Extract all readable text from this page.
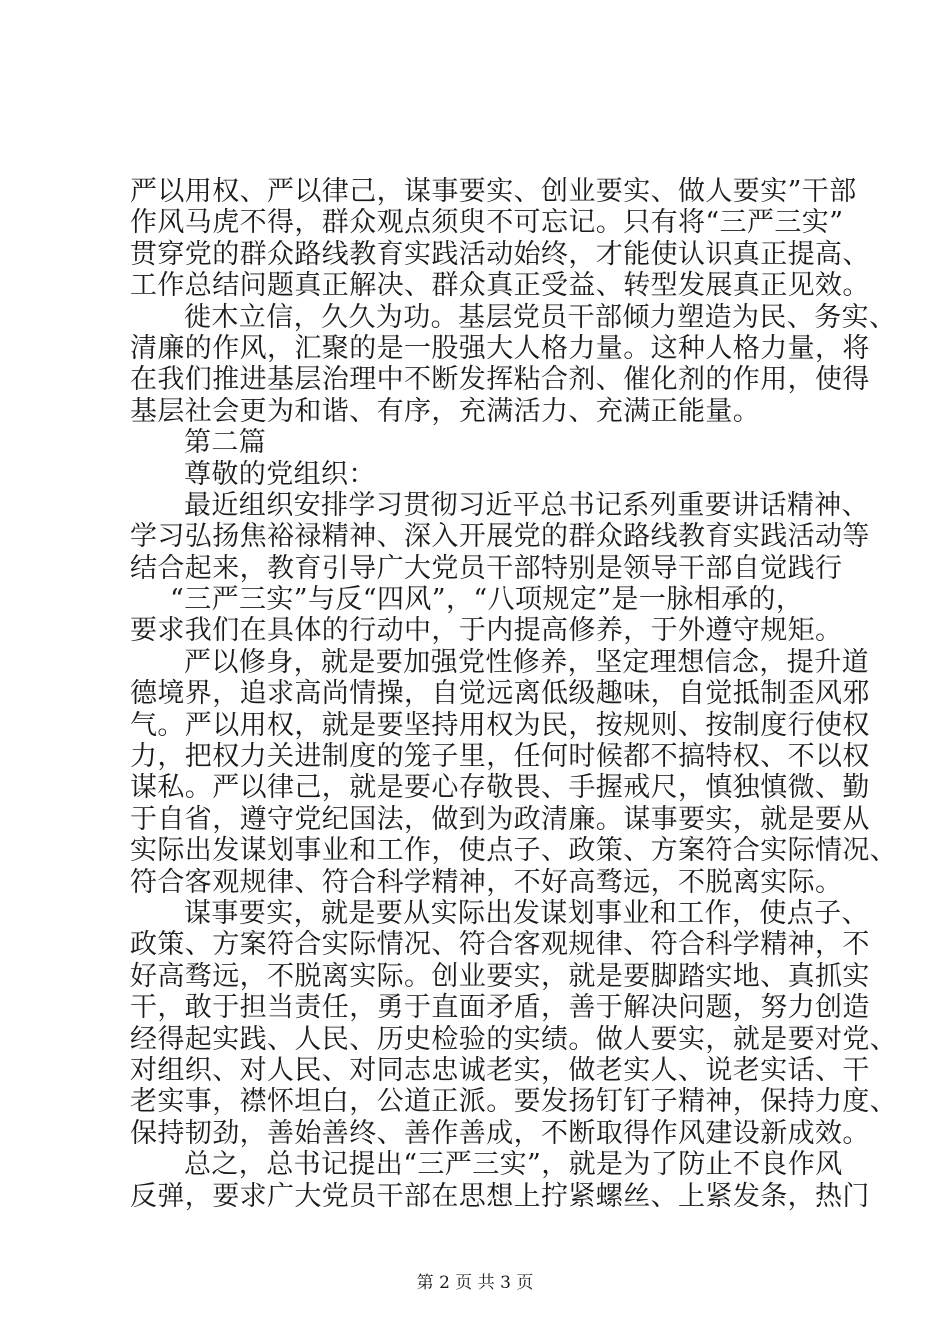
严以用权、严以律己，谋事要实、创业要实、做人要实”干部
作风马虎不得，群众观点须臾不可忘记。只有将“三严三实”
贯穿党的群众路线教育实践活动始终，才能使认识真正提高、
工作总结问题真正解决、群众真正受益、转型发展真正见效。
徙木立信，久久为功。基层党员干部倾力塑造为民、务实、
清廉的作风，汇聚的是一股强大人格力量。这种人格力量，将
在我们推进基层治理中不断发挥粘合剂、催化剂的作用，使得
基层社会更为和谐、有序，充满活力、充满正能量。
第二篇
尊敬的党组织：
最近组织安排学习贯彻习近平总书记系列重要讲话精神、
学习弘扬焦裕禄精神、深入开展党的群众路线教育实践活动等
结合起来，教育引导广大党员干部特别是领导干部自觉践行
“三严三实”与反“四风”，“八项规定”是一脉相承的，
要求我们在具体的行动中，于内提高修养，于外遵守规矩。
严以修身，就是要加强党性修养，坚定理想信念，提升道
德境界，追求高尚情操，自觉远离低级趣味，自觉抵制歪风邪
气。严以用权，就是要坚持用权为民，按规则、按制度行使权
力，把权力关进制度的笼子里，任何时候都不搞特权、不以权
谋私。严以律己，就是要心存敬畏、手握戒尺，慎独慎微、勤
于自省，遵守党纪国法，做到为政清廉。谋事要实，就是要从
实际出发谋划事业和工作，使点子、政策、方案符合实际情况、
符合客观规律、符合科学精神，不好高骛远，不脱离实际。
谋事要实，就是要从实际出发谋划事业和工作，使点子、
政策、方案符合实际情况、符合客观规律、符合科学精神，不
好高骛远，不脱离实际。创业要实，就是要脚踏实地、真抓实
干，敢于担当责任，勇于直面矛盾，善于解决问题，努力创造
经得起实践、人民、历史检验的实绩。做人要实，就是要对党、
对组织、对人民、对同志忠诚老实，做老实人、说老实话、干
老实事，襟怀坦白，公道正派。要发扬钉钉子精神，保持力度、
保持韧劲，善始善终、善作善成，不断取得作风建设新成效。
总之，总书记提出“三严三实”，就是为了防止不良作风
反弹，要求广大党员干部在思想上拧紧螺丝、上紧发条，热门
第 2 页 共 3 页
